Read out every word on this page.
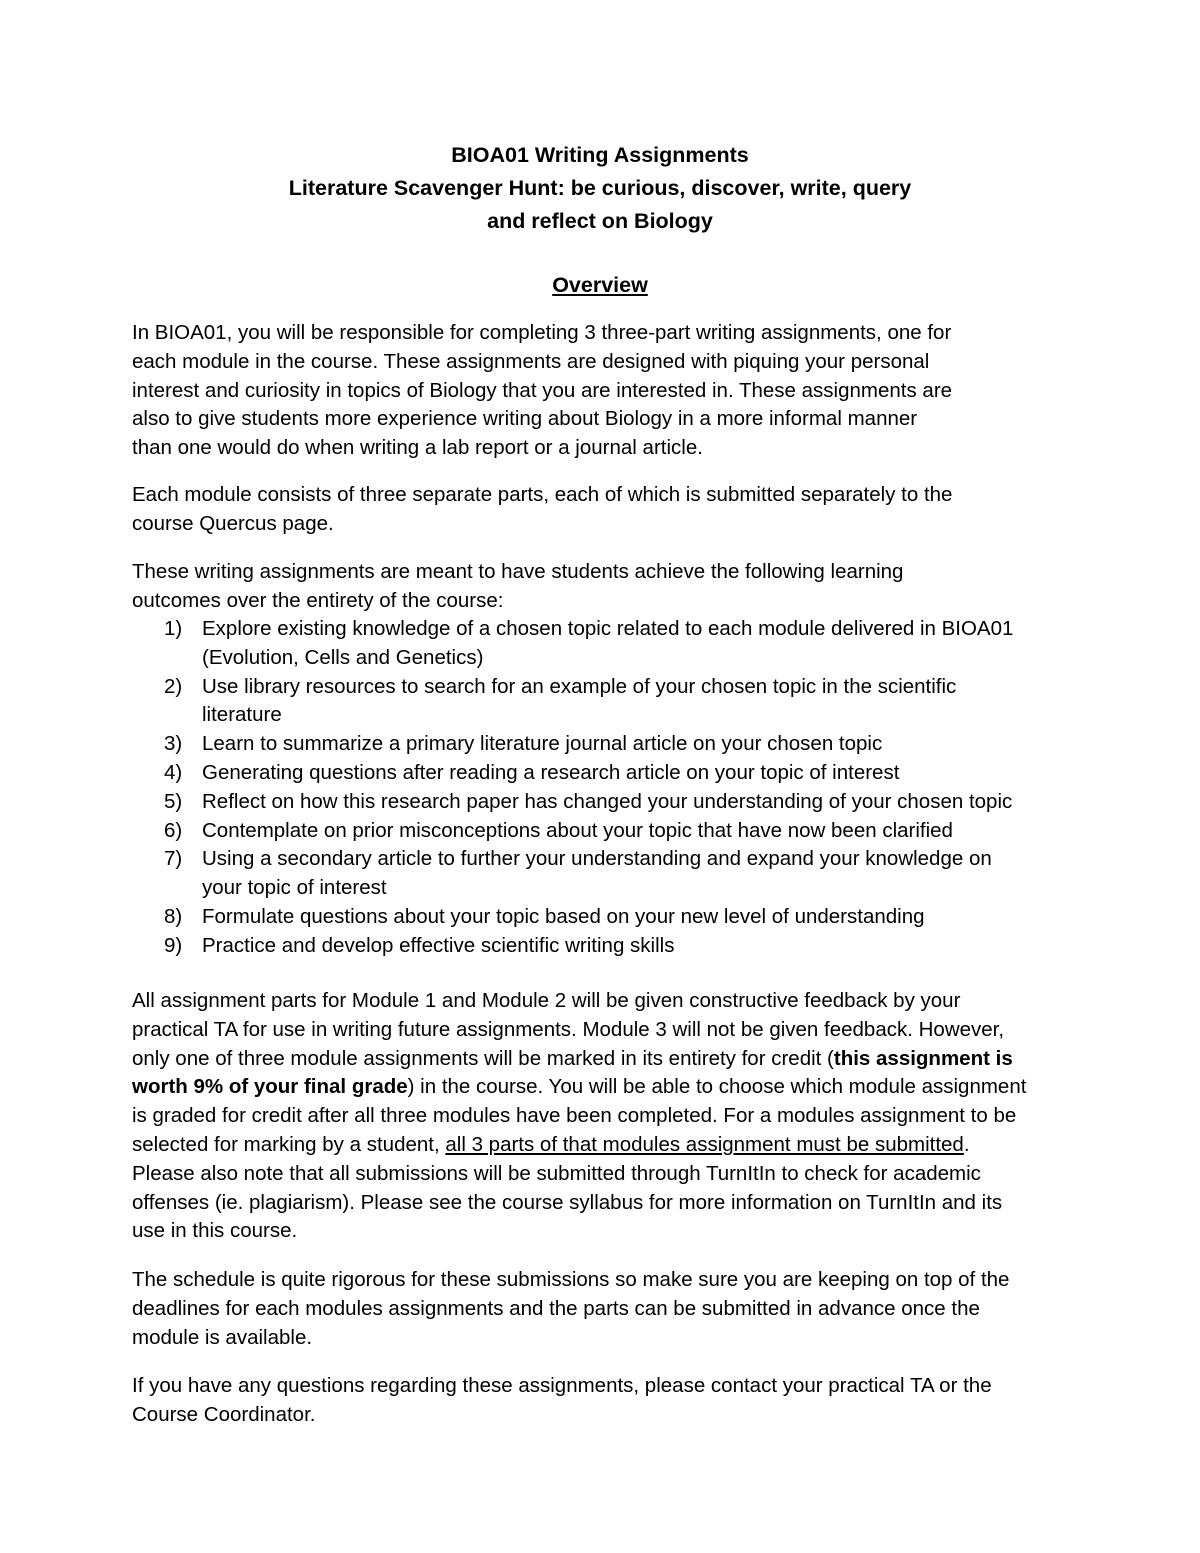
BIOA01 Writing Assignments
Literature Scavenger Hunt: be curious, discover, write, query
and reflect on Biology
Overview
In BIOA01, you will be responsible for completing 3 three-part writing assignments, one for
each module in the course. These assignments are designed with piquing your personal
interest and curiosity in topics of Biology that you are interested in. These assignments are
also to give students more experience writing about Biology in a more informal manner
than one would do when writing a lab report or a journal article.
Each module consists of three separate parts, each of which is submitted separately to the
course Quercus page.
These writing assignments are meant to have students achieve the following learning
outcomes over the entirety of the course:
1) Explore existing knowledge of a chosen topic related to each module delivered in BIOA01
(Evolution, Cells and Genetics)
2) Use library resources to search for an example of your chosen topic in the scientific
literature
3) Learn to summarize a primary literature journal article on your chosen topic
4) Generating questions after reading a research article on your topic of interest
5) Reflect on how this research paper has changed your understanding of your chosen topic
6) Contemplate on prior misconceptions about your topic that have now been clarified
7) Using a secondary article to further your understanding and expand your knowledge on
your topic of interest
8) Formulate questions about your topic based on your new level of understanding
9) Practice and develop effective scientific writing skills
All assignment parts for Module 1 and Module 2 will be given constructive feedback by your
practical TA for use in writing future assignments. Module 3 will not be given feedback. However,
only one of three module assignments will be marked in its entirety for credit (this assignment is
worth 9% of your final grade) in the course. You will be able to choose which module assignment
is graded for credit after all three modules have been completed. For a modules assignment to be
selected for marking by a student, all 3 parts of that modules assignment must be submitted.
Please also note that all submissions will be submitted through TurnItIn to check for academic
offenses (ie. plagiarism). Please see the course syllabus for more information on TurnItIn and its
use in this course.
The schedule is quite rigorous for these submissions so make sure you are keeping on top of the
deadlines for each modules assignments and the parts can be submitted in advance once the
module is available.
If you have any questions regarding these assignments, please contact your practical TA or the
Course Coordinator.
